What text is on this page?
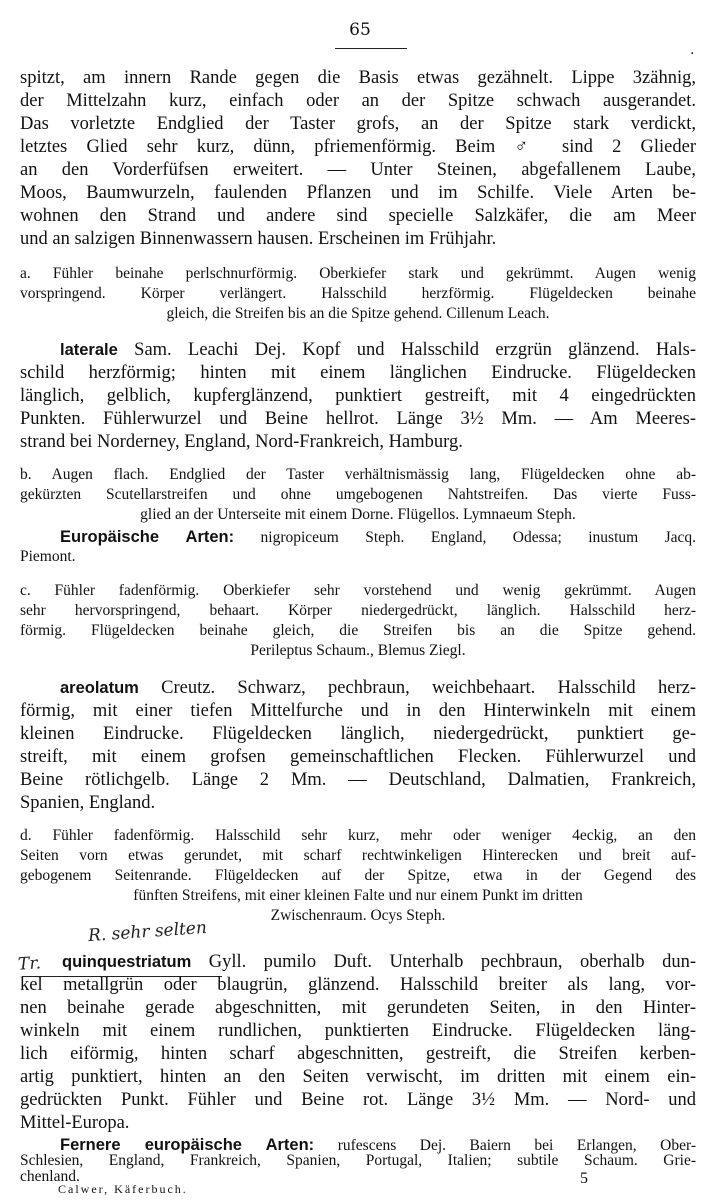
65
.
spitzt, am innern Rande gegen die Basis etwas gezähnelt. Lippe 3zähnig,
der Mittelzahn kurz, einfach oder an der Spitze schwach ausgerandet.
Das vorletzte Endglied der Taster grofs, an der Spitze stark verdickt,
letztes Glied sehr kurz, dünn, pfriemenförmig. Beim ♂ sind 2 Glieder
an den Vorderfüfsen erweitert. — Unter Steinen, abgefallenem Laube,
Moos, Baumwurzeln, faulenden Pflanzen und im Schilfe. Viele Arten be-
wohnen den Strand und andere sind specielle Salzkäfer, die am Meer
und an salzigen Binnenwassern hausen. Erscheinen im Frühjahr.
a. Fühler beinahe perlschnurförmig. Oberkiefer stark und gekrümmt. Augen wenig
vorspringend. Körper verlängert. Halsschild herzförmig. Flügeldecken beinahe
gleich, die Streifen bis an die Spitze gehend. Cillenum Leach.
laterale Sam. Leachi Dej. Kopf und Halsschild erzgrün glänzend. Hals-
schild herzförmig; hinten mit einem länglichen Eindrucke. Flügeldecken
länglich, gelblich, kupferglänzend, punktiert gestreift, mit 4 eingedrückten
Punkten. Fühlerwurzel und Beine hellrot. Länge 3½ Mm. — Am Meeres-
strand bei Norderney, England, Nord-Frankreich, Hamburg.
b. Augen flach. Endglied der Taster verhältnismässig lang, Flügeldecken ohne ab-
gekürzten Scutellarstreifen und ohne umgebogenen Nahtstreifen. Das vierte Fuss-
glied an der Unterseite mit einem Dorne. Flügellos. Lymnaeum Steph.
Europäische Arten: nigropiceum Steph. England, Odessa; inustum Jacq.
Piemont.
c. Fühler fadenförmig. Oberkiefer sehr vorstehend und wenig gekrümmt. Augen
sehr hervorspringend, behaart. Körper niedergedrückt, länglich. Halsschild herz-
förmig. Flügeldecken beinahe gleich, die Streifen bis an die Spitze gehend.
Perileptus Schaum., Blemus Ziegl.
areolatum Creutz. Schwarz, pechbraun, weichbehaart. Halsschild herz-
förmig, mit einer tiefen Mittelfurche und in den Hinterwinkeln mit einem
kleinen Eindrucke. Flügeldecken länglich, niedergedrückt, punktiert ge-
streift, mit einem grofsen gemeinschaftlichen Flecken. Fühlerwurzel und
Beine rötlichgelb. Länge 2 Mm. — Deutschland, Dalmatien, Frankreich,
Spanien, England.
d. Fühler fadenförmig. Halsschild sehr kurz, mehr oder weniger 4eckig, an den
Seiten vorn etwas gerundet, mit scharf rechtwinkeligen Hinterecken und breit auf-
gebogenem Seitenrande. Flügeldecken auf der Spitze, etwa in der Gegend des
fünften Streifens, mit einer kleinen Falte und nur einem Punkt im dritten
Zwischenraum. Ocys Steph.
R. sehr selten
Tr. quinquestriatum Gyll. pumilo Duft. Unterhalb pechbraun, oberhalb dun-
kel metallgrün oder blaugrün, glänzend. Halsschild breiter als lang, vor-
nen beinahe gerade abgeschnitten, mit gerundeten Seiten, in den Hinter-
winkeln mit einem rundlichen, punktierten Eindrucke. Flügeldecken läng-
lich eiförmig, hinten scharf abgeschnitten, gestreift, die Streifen kerben-
artig punktiert, hinten an den Seiten verwischt, im dritten mit einem ein-
gedrückten Punkt. Fühler und Beine rot. Länge 3½ Mm. — Nord- und
Mittel-Europa.
Fernere europäische Arten: rufescens Dej. Baiern bei Erlangen, Ober-
Schlesien, England, Frankreich, Spanien, Portugal, Italien; subtile Schaum. Grie-
chenland.
Calwer, Käferbuch.
5
